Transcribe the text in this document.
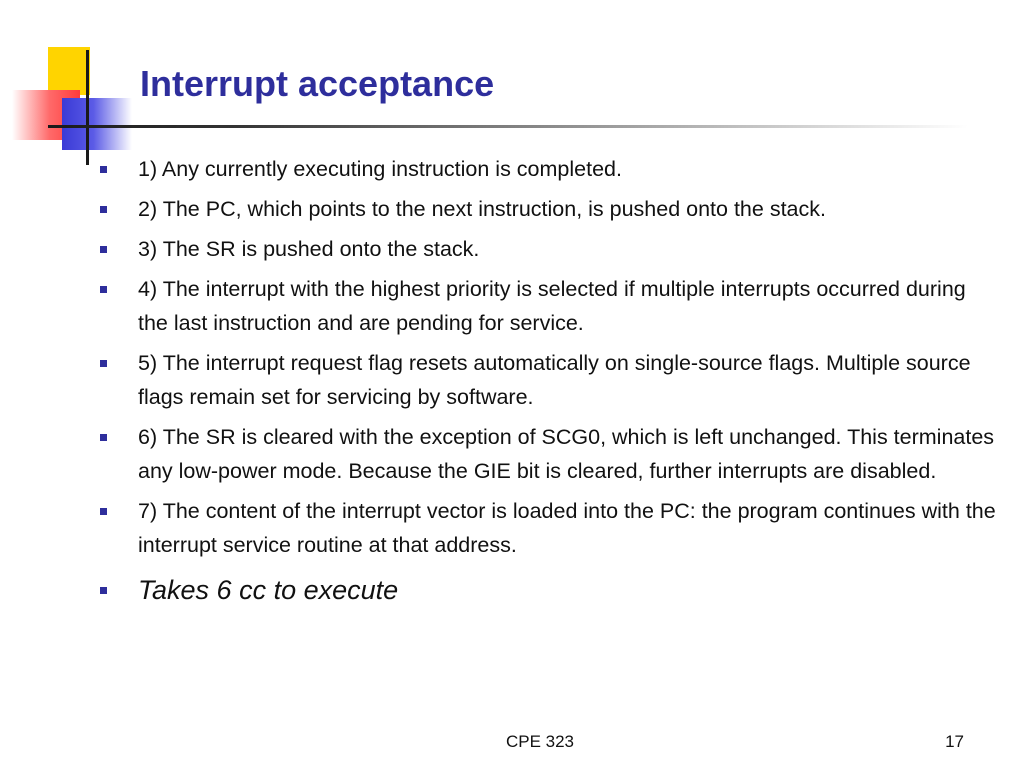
Interrupt acceptance
1) Any currently executing instruction is completed.
2) The PC, which points to the next instruction, is pushed onto the stack.
3) The SR is pushed onto the stack.
4) The interrupt with the highest priority is selected if multiple interrupts occurred during the last instruction and are pending for service.
5) The interrupt request flag resets automatically on single-source flags. Multiple source flags remain set for servicing by software.
6) The SR is cleared with the exception of SCG0, which is left unchanged. This terminates any low-power mode. Because the GIE bit is cleared, further interrupts are disabled.
7) The content of the interrupt vector is loaded into the PC: the program continues with the interrupt service routine at that address.
Takes 6 cc to execute
CPE 323	17
